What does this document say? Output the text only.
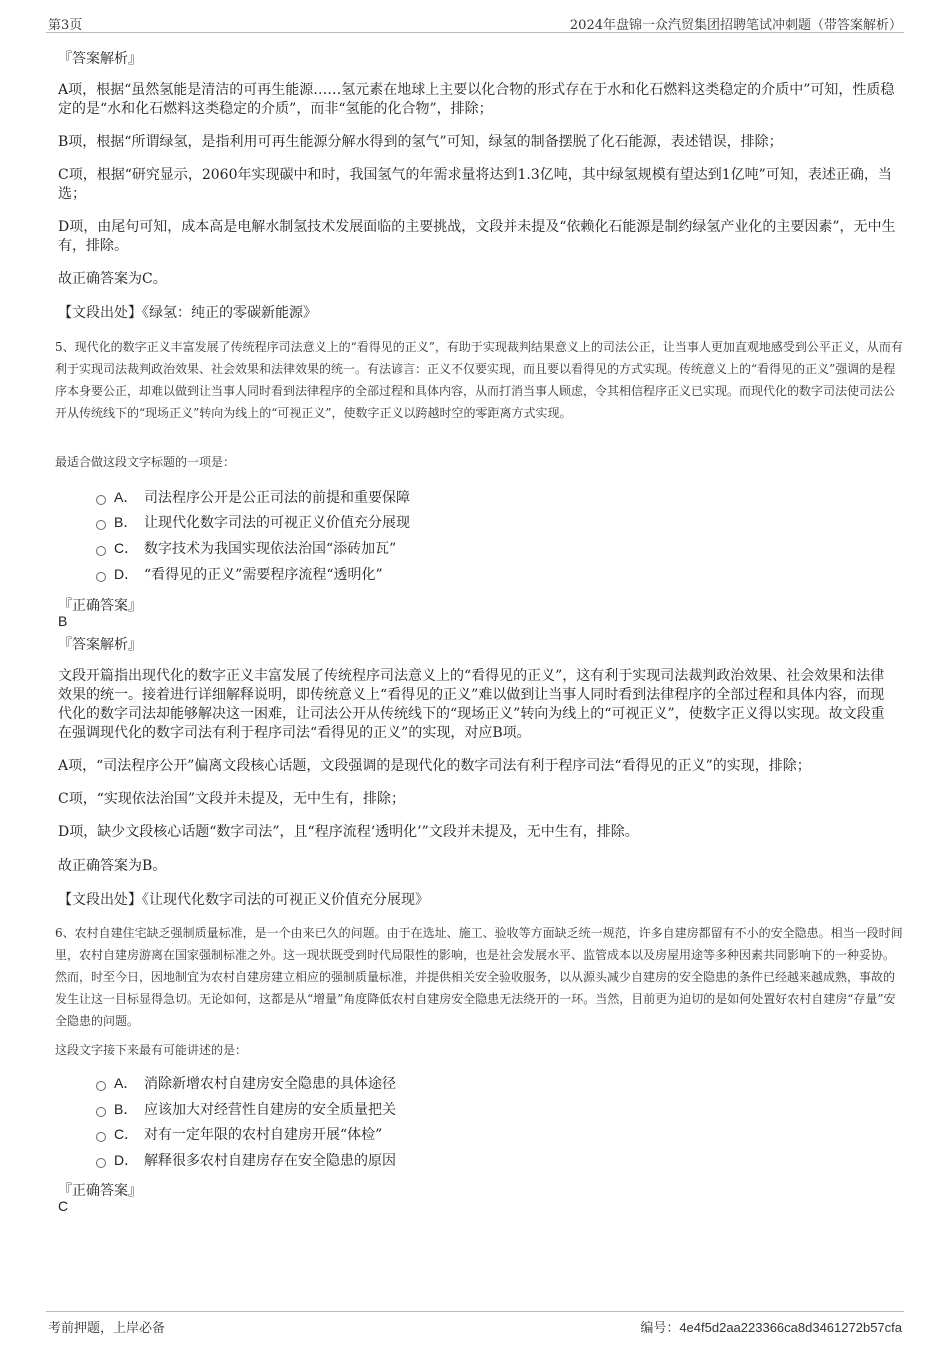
第3页	2024年盘锦一众汽贸集团招聘笔试冲刺题（带答案解析）
『答案解析』
A项，根据“虽然氢能是清洁的可再生能源……氢元素在地球上主要以化合物的形式存在于水和化石燃料这类稳定的介质中”可知，性质稳定的是“水和化石燃料这类稳定的介质”，而非“氢能的化合物”，排除；
B项，根据“所谓绿氢，是指利用可再生能源分解水得到的氢气”可知，绿氢的制备摆脱了化石能源，表述错误，排除；
C项，根据“研究显示，2060年实现碳中和时，我国氢气的年需求量将达到1.3亿吨，其中绿氢规模有望达到1亿吨”可知，表述正确，当选；
D项，由尾句可知，成本高是电解水制氢技术发展面临的主要挑战，文段并未提及“依赖化石能源是制约绿氢产业化的主要因素”，无中生有，排除。
故正确答案为C。
【文段出处】《绿氢：纯正的零碳新能源》
5、现代化的数字正义丰富发展了传统程序司法意义上的“看得见的正义”，有助于实现裁判结果意义上的司法公正，让当事人更加直观地感受到公平正义，从而有利于实现司法裁判政治效果、社会效果和法律效果的统一。有法谚言：正义不仅要实现，而且要以看得见的方式实现。传统意义上的“看得见的正义”强调的是程序本身要公正，却难以做到让当事人同时看到法律程序的全部过程和具体内容，从而打消当事人顾虑，令其相信程序正义已实现。而现代化的数字司法使司法公开从传统线下的“现场正义”转向为线上的“可视正义”，使数字正义以跨越时空的零距离方式实现。
最适合做这段文字标题的一项是：
A． 司法程序公开是公正司法的前提和重要保障
B． 让现代化数字司法的可视正义价值充分展现
C． 数字技术为我国实现依法治国“添砖加瓦”
D． “看得见的正义”需要程序流程“透明化”
『正确答案』
B
『答案解析』
文段开篇指出现代化的数字正义丰富发展了传统程序司法意义上的“看得见的正义”，这有利于实现司法裁判政治效果、社会效果和法律效果的统一。接着进行详细解释说明，即传统意义上“看得见的正义”难以做到让当事人同时看到法律程序的全部过程和具体内容，而现代化的数字司法却能够解决这一困难，让司法公开从传统线下的“现场正义”转向为线上的“可视正义”，使数字正义得以实现。故文段重在强调现代化的数字司法有利于程序司法“看得见的正义”的实现，对应B项。
A项，“司法程序公开”偏离文段核心话题，文段强调的是现代化的数字司法有利于程序司法“看得见的正义”的实现，排除；
C项，“实现依法治国”文段并未提及，无中生有，排除；
D项，缺少文段核心话题“数字司法”，且“程序流程‘透明化’”文段并未提及，无中生有，排除。
故正确答案为B。
【文段出处】《让现代化数字司法的可视正义价值充分展现》
6、农村自建住宅缺乏强制质量标准，是一个由来已久的问题。由于在选址、施工、验收等方面缺乏统一规范，许多自建房都留有不小的安全隐患。相当一段时间里，农村自建房游离在国家强制标准之外。这一现状既受到时代局限性的影响，也是社会发展水平、监管成本以及房屋用途等多种因素共同影响下的一种妥协。然而，时至今日，因地制宜为农村自建房建立相应的强制质量标准，并提供相关安全验收服务，以从源头减少自建房的安全隐患的条件已经越来越成熟，事故的发生让这一目标显得急切。无论如何，这都是从“增量”角度降低农村自建房安全隐患无法绕开的一环。当然，目前更为迫切的是如何处置好农村自建房“存量”安全隐患的问题。
这段文字接下来最有可能讲述的是：
A． 消除新增农村自建房安全隐患的具体途径
B． 应该加大对经营性自建房的安全质量把关
C． 对有一定年限的农村自建房开展“体检”
D． 解释很多农村自建房存在安全隐患的原因
『正确答案』
C
考前押题，上岸必备	编号：4e4f5d2aa223366ca8d3461272b57cfa
